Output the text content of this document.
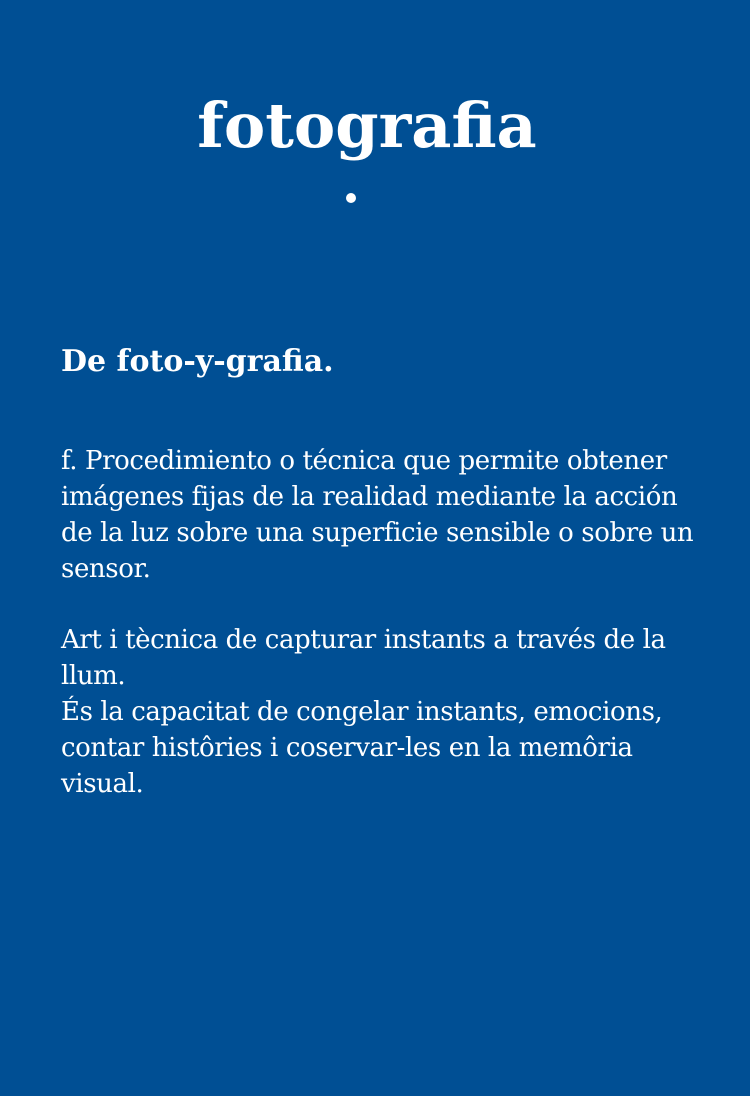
fotografia

De foto-y-grafia.

f. Procedimiento o técnica que permite obtener
imágenes fijas de la realidad mediante la acción
de la luz sobre una superficie sensible o sobre un
sensor.

Art i tècnica de capturar instants a través de la
llum.
És la capacitat de congelar instants, emocions,
contar histôries i coservar-les en la memôria
visual.
